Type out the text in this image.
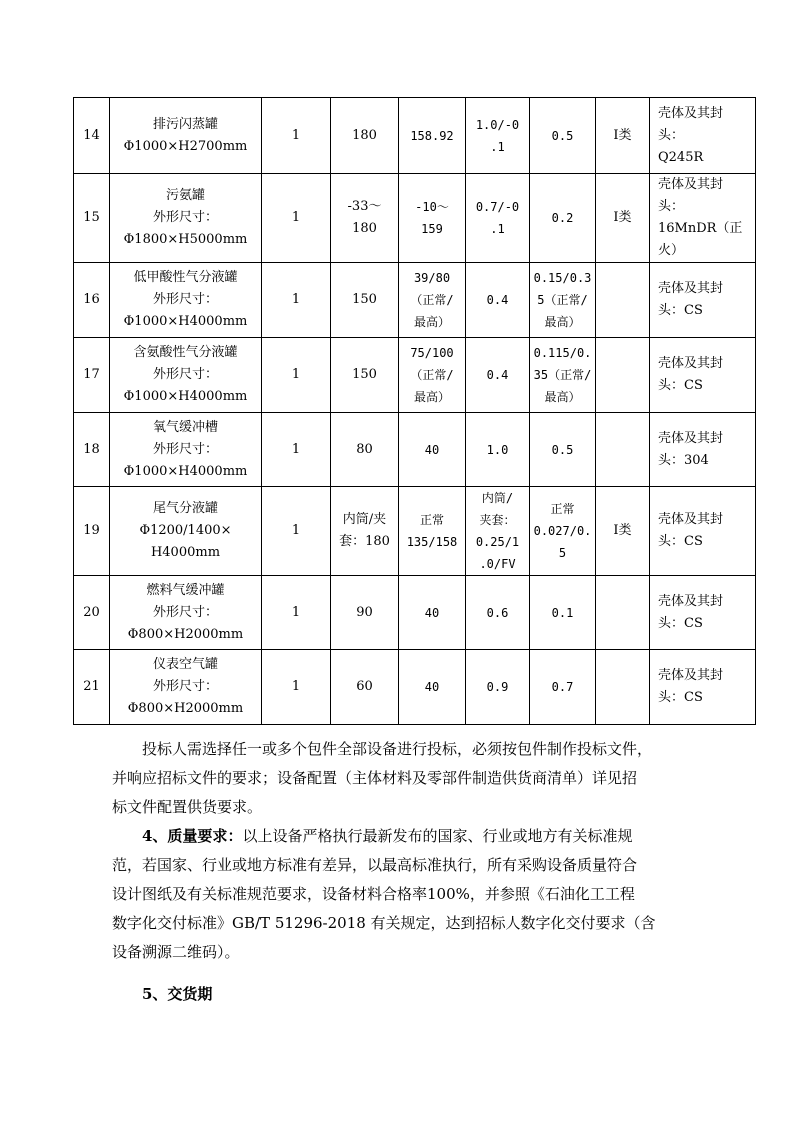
14	排污闪蒸罐
Φ1000×H2700mm	1	180	158.92	1.0/-0
.1	0.5	Ⅰ类	壳体及其封
头：
Q245R

15	污氨罐
外形尺寸：
Φ1800×H5000mm	1	-33～
180	-10～
159	0.7/-0
.1	0.2	Ⅰ类	壳体及其封
头：
16MnDR（正
火）

16	低甲酸性气分液罐
外形尺寸：
Φ1000×H4000mm	1	150	39/80
（正常/
最高）	0.4	0.15/0.3
5（正常/
最高）		壳体及其封
头：CS

17	含氨酸性气分液罐
外形尺寸：
Φ1000×H4000mm	1	150	75/100
（正常/
最高）	0.4	0.115/0.
35（正常/
最高）		壳体及其封
头：CS

18	氧气缓冲槽
外形尺寸：
Φ1000×H4000mm	1	80	40	1.0	0.5		壳体及其封
头：304

19	尾气分液罐
Φ1200/1400×
H4000mm	1	内筒/夹
套：180	正常
135/158	内筒/
夹套：
0.25/1
.0/FV	正常
0.027/0.
5	Ⅰ类	壳体及其封
头：CS

20	燃料气缓冲罐
外形尺寸：
Φ800×H2000mm	1	90	40	0.6	0.1		壳体及其封
头：CS

21	仪表空气罐
外形尺寸：
Φ800×H2000mm	1	60	40	0.9	0.7		壳体及其封
头：CS

投标人需选择任一或多个包件全部设备进行投标，必须按包件制作投标文件，
并响应招标文件的要求；设备配置（主体材料及零部件制造供货商清单）详见招
标文件配置供货要求。

4、质量要求：以上设备严格执行最新发布的国家、行业或地方有关标准规
范，若国家、行业或地方标准有差异，以最高标准执行，所有采购设备质量符合
设计图纸及有关标准规范要求，设备材料合格率100%，并参照《石油化工工程
数字化交付标准》GB/T 51296-2018 有关规定，达到招标人数字化交付要求（含
设备溯源二维码）。

5、交货期
